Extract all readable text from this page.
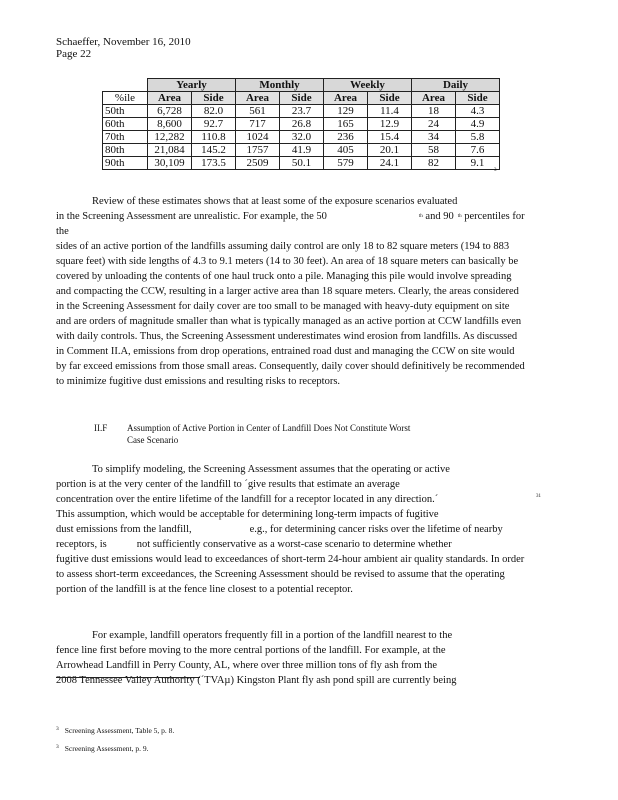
Schaeffer, November 16, 2010
Page 22
	Yearly		Monthly		Weekly		Daily	
%ile	Area	Side	Area	Side	Area	Side	Area	Side
50th	6,728	82.0	561	23.7	129	11.4	18	4.3
60th	8,600	92.7	717	26.8	165	12.9	24	4.9
70th	12,282	110.8	1024	32.0	236	15.4	34	5.8
80th	21,084	145.2	1757	41.9	405	20.1	58	7.6
90th	30,109	173.5	2509	50.1	579	24.1	82	9.1
3

Review of these estimates shows that at least some of the exposure scenarios evaluated

in the Screening Assessment are unrealistic. For example, the 50	$^{th}$ and 90 $^{th}$ percentiles for the

sides of an active portion of the landfills assuming daily control are only 18 to 82 square meters (194 to 883 square feet) with side lengths of 4.3 to 9.1 meters (14 to 30 feet). An area of 18 square meters can basically be covered by unloading the contents of one haul truck onto a pile. Managing this pile would involve spreading and compacting the CCW, resulting in a larger active area than 18 square meters. Clearly, the areas considered in the Screening Assessment for daily cover are too small to be managed with heavy-duty equipment on site and are orders of magnitude smaller than what is typically managed as an active portion at CCW landfills even with daily controls. Thus, the Screening Assessment underestimates wind erosion from landfills. As discussed in Comment II.A, emissions from drop operations, entrained road dust and managing the CCW on site would by far exceed emissions from those small areas. Consequently, daily cover should definitively be recommended to minimize fugitive dust emissions and resulting risks to receptors.

II.F Assumption of Active Portion in Center of Landfill Does Not Constitute Worst
Case Scenario

To simplify modeling, the Screening Assessment assumes that the operating or active

portion is at the very center of the landfill to ´give results that estimate an average

concentration over the entire lifetime of the landfill for a receptor located in any direction.´

This assumption, which would be acceptable for determining long-term impacts of fugitive

dust emissions from the landfill,	e.g., for determining cancer risks over the lifetime of nearby

receptors, is	not sufficiently conservative as a worst-case scenario to determine whether

fugitive dust emissions would lead to exceedances of short-term 24-hour ambient air quality standards. In order to assess short-term exceedances, the Screening Assessment should be revised to assume that the operating portion of the landfill is at the fence line closest to a potential receptor.

31

For example, landfill operators frequently fill in a portion of the landfill nearest to the

fence line first before moving to the more central portions of the landfill. For example, at the

Arrowhead Landfill in Perry County, AL, where over three million tons of fly ash from the

2008 Tennessee Valley Authority (´TVAµ) Kingston Plant fly ash pond spill are currently being

$^3$ Screening Assessment, Table 5, p. 8.
$^3$ Screening Assessment, p. 9.
